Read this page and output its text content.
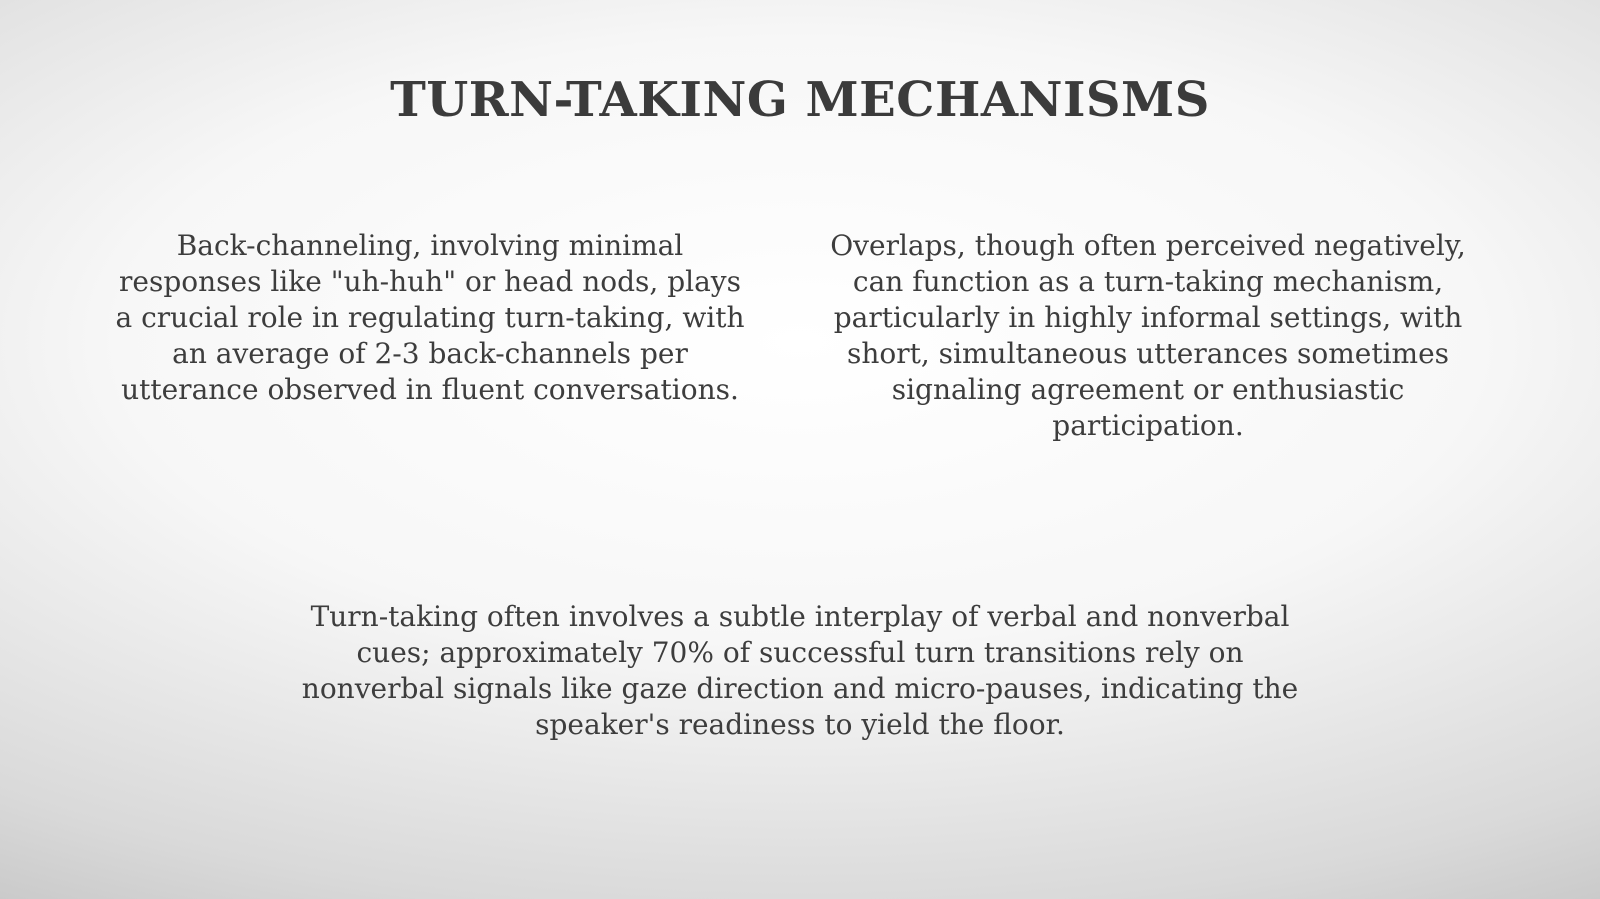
TURN-TAKING MECHANISMS

Back-channeling, involving minimal responses like "uh-huh" or head nods, plays a crucial role in regulating turn-taking, with an average of 2-3 back-channels per utterance observed in fluent conversations.

Overlaps, though often perceived negatively, can function as a turn-taking mechanism, particularly in highly informal settings, with short, simultaneous utterances sometimes signaling agreement or enthusiastic participation.

Turn-taking often involves a subtle interplay of verbal and nonverbal cues; approximately 70% of successful turn transitions rely on nonverbal signals like gaze direction and micro-pauses, indicating the speaker's readiness to yield the floor.
